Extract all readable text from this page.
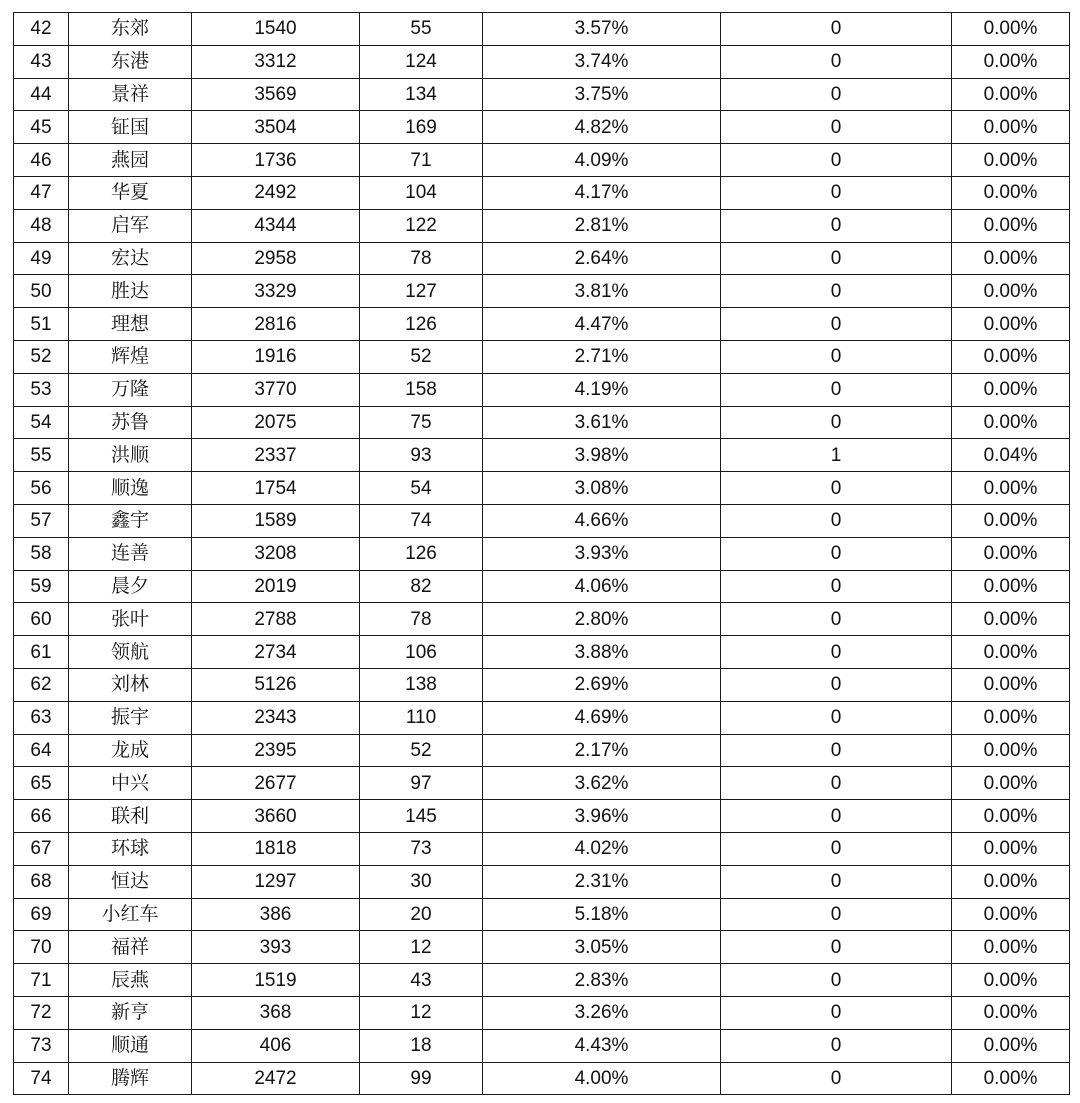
42	东郊	1540	55	3.57%	0	0.00%
43	东港	3312	124	3.74%	0	0.00%
44	景祥	3569	134	3.75%	0	0.00%
45	钲国	3504	169	4.82%	0	0.00%
46	燕园	1736	71	4.09%	0	0.00%
47	华夏	2492	104	4.17%	0	0.00%
48	启军	4344	122	2.81%	0	0.00%
49	宏达	2958	78	2.64%	0	0.00%
50	胜达	3329	127	3.81%	0	0.00%
51	理想	2816	126	4.47%	0	0.00%
52	辉煌	1916	52	2.71%	0	0.00%
53	万隆	3770	158	4.19%	0	0.00%
54	苏鲁	2075	75	3.61%	0	0.00%
55	洪顺	2337	93	3.98%	1	0.04%
56	顺逸	1754	54	3.08%	0	0.00%
57	鑫宇	1589	74	4.66%	0	0.00%
58	连善	3208	126	3.93%	0	0.00%
59	晨夕	2019	82	4.06%	0	0.00%
60	张叶	2788	78	2.80%	0	0.00%
61	领航	2734	106	3.88%	0	0.00%
62	刘林	5126	138	2.69%	0	0.00%
63	振宇	2343	110	4.69%	0	0.00%
64	龙成	2395	52	2.17%	0	0.00%
65	中兴	2677	97	3.62%	0	0.00%
66	联利	3660	145	3.96%	0	0.00%
67	环球	1818	73	4.02%	0	0.00%
68	恒达	1297	30	2.31%	0	0.00%
69	小红车	386	20	5.18%	0	0.00%
70	福祥	393	12	3.05%	0	0.00%
71	辰燕	1519	43	2.83%	0	0.00%
72	新亨	368	12	3.26%	0	0.00%
73	顺通	406	18	4.43%	0	0.00%
74	腾辉	2472	99	4.00%	0	0.00%
